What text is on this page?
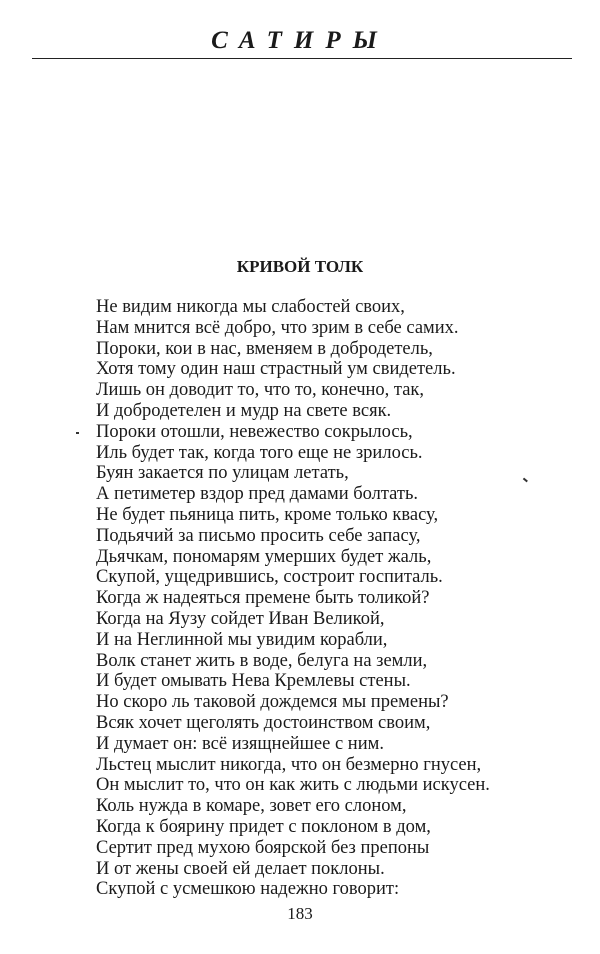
САТИРЫ
КРИВОЙ ТОЛК
Не видим никогда мы слабостей своих,
Нам мнится всё добро, что зрим в себе самих.
Пороки, кои в нас, вменяем в добродетель,
Хотя тому один наш страстный ум свидетель.
Лишь он доводит то, что то, конечно, так,
И добродетелен и мудр на свете всяк.
Пороки отошли, невежество сокрылось,
Иль будет так, когда того еще не зрилось.
Буян закается по улицам летать,
А петиметер вздор пред дамами болтать.
Не будет пьяница пить, кроме только квасу,
Подьячий за письмо просить себе запасу,
Дьячкам, пономарям умерших будет жаль,
Скупой, ущедрившись, состроит госпиталь.
Когда ж надеяться премене быть толикой?
Когда на Яузу сойдет Иван Великой,
И на Неглинной мы увидим корабли,
Волк станет жить в воде, белуга на земли,
И будет омывать Нева Кремлевы стены.
Но скоро ль таковой дождемся мы премены?
Всяк хочет щеголять достоинством своим,
И думает он: всё изящнейшее с ним.
Льстец мыслит никогда, что он безмерно гнусен,
Он мыслит то, что он как жить с людьми искусен.
Коль нужда в комаре, зовет его слоном,
Когда к боярину придет с поклоном в дом,
Сертит пред мухою боярской без препоны
И от жены своей ей делает поклоны.
Скупой с усмешкою надежно говорит:
183
